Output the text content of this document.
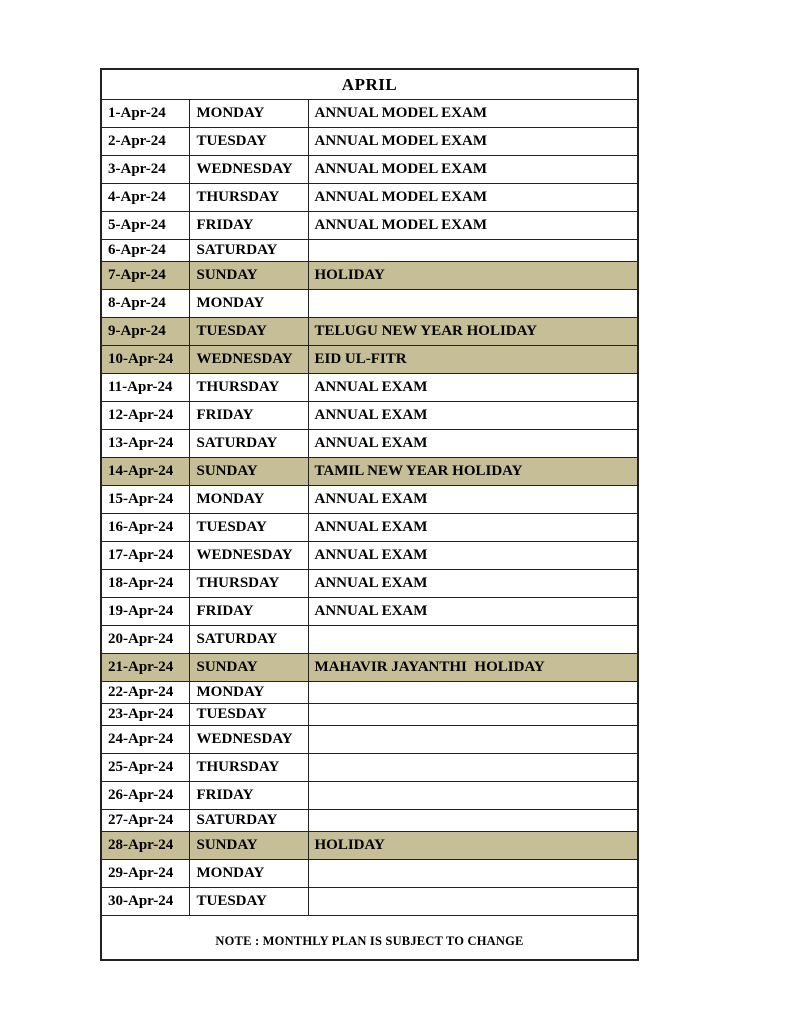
APRIL		
1-Apr-24	MONDAY	ANNUAL MODEL EXAM
2-Apr-24	TUESDAY	ANNUAL MODEL EXAM
3-Apr-24	WEDNESDAY	ANNUAL MODEL EXAM
4-Apr-24	THURSDAY	ANNUAL MODEL EXAM
5-Apr-24	FRIDAY	ANNUAL MODEL EXAM
6-Apr-24	SATURDAY	
7-Apr-24	SUNDAY	HOLIDAY
8-Apr-24	MONDAY	
9-Apr-24	TUESDAY	TELUGU NEW YEAR HOLIDAY
10-Apr-24	WEDNESDAY	EID UL-FITR
11-Apr-24	THURSDAY	ANNUAL EXAM
12-Apr-24	FRIDAY	ANNUAL EXAM
13-Apr-24	SATURDAY	ANNUAL EXAM
14-Apr-24	SUNDAY	TAMIL NEW YEAR HOLIDAY
15-Apr-24	MONDAY	ANNUAL EXAM
16-Apr-24	TUESDAY	ANNUAL EXAM
17-Apr-24	WEDNESDAY	ANNUAL EXAM
18-Apr-24	THURSDAY	ANNUAL EXAM
19-Apr-24	FRIDAY	ANNUAL EXAM
20-Apr-24	SATURDAY	
21-Apr-24	SUNDAY	MAHAVIR JAYANTHI  HOLIDAY
22-Apr-24	MONDAY	
23-Apr-24	TUESDAY	
24-Apr-24	WEDNESDAY	
25-Apr-24	THURSDAY	
26-Apr-24	FRIDAY	
27-Apr-24	SATURDAY	
28-Apr-24	SUNDAY	HOLIDAY
29-Apr-24	MONDAY	
30-Apr-24	TUESDAY	
NOTE : MONTHLY PLAN IS SUBJECT TO CHANGE		
